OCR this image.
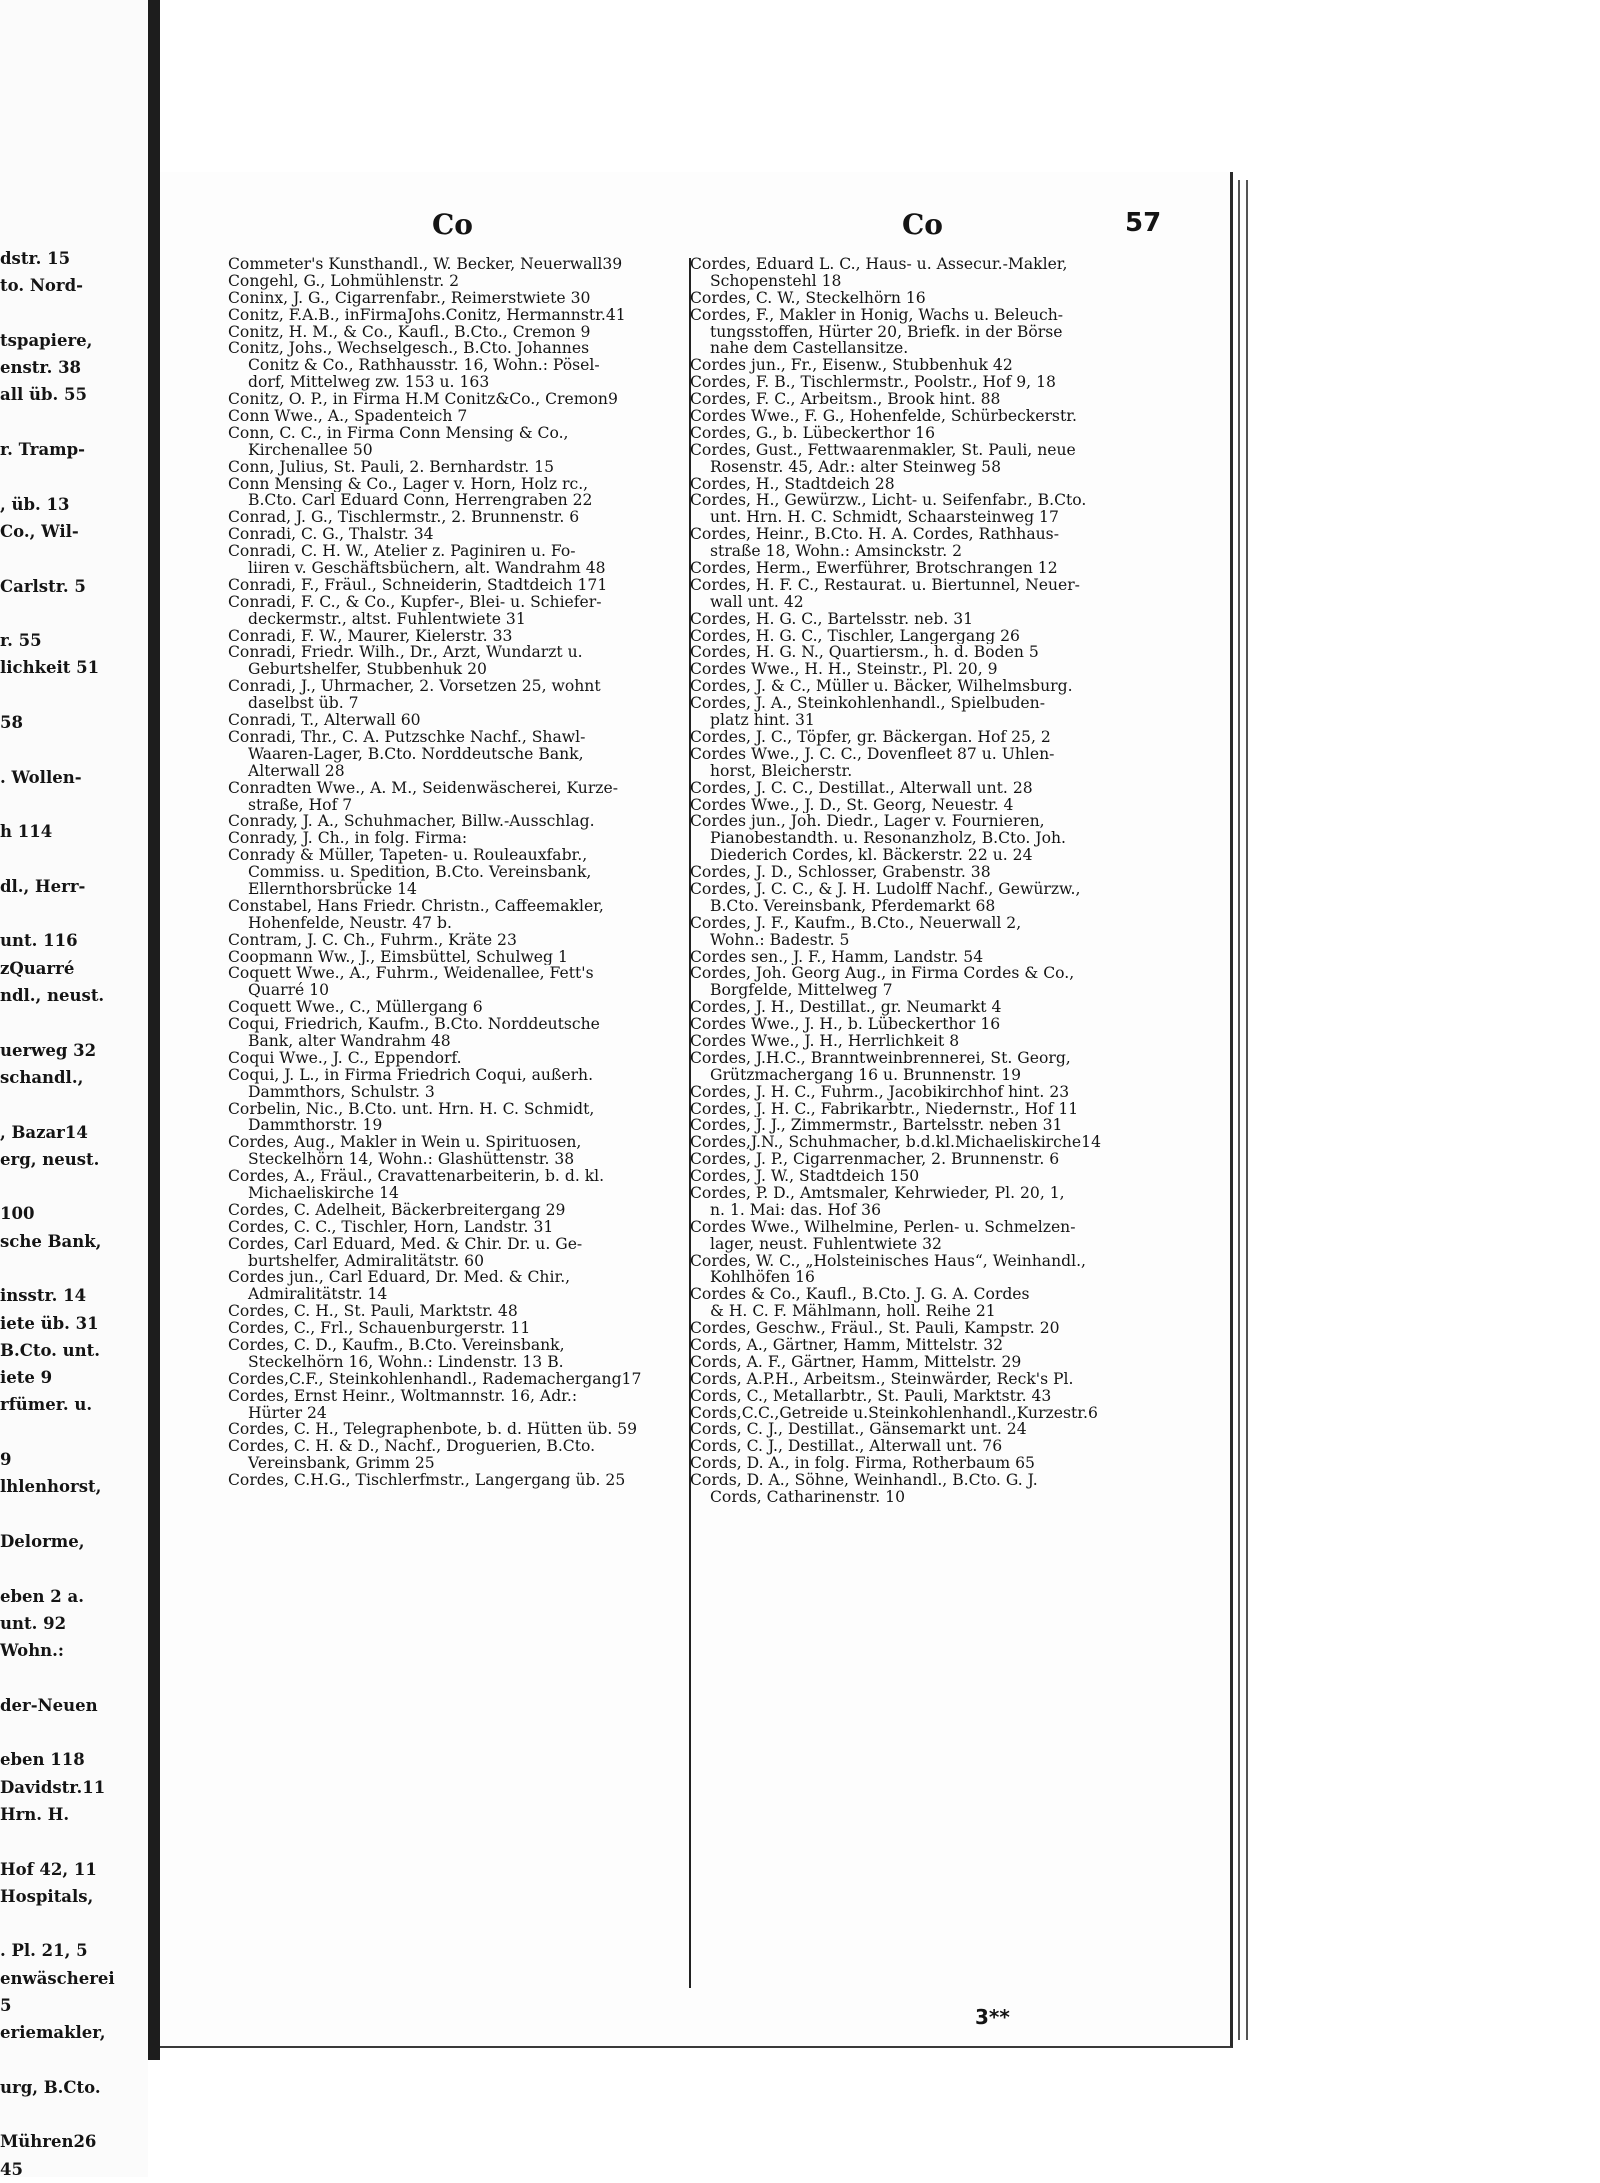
dstr. 15
to. Nord-
tspapiere,
enstr. 38
all üb. 55
r. Tramp-
, üb. 13
Co., Wil-
Carlstr. 5
r. 55
lichkeit 51
58
. Wollen-
h 114
dl., Herr-
unt. 116
zQuarré
ndl., neust.
uerweg 32
schandl.,
, Bazar14
erg, neust.
100
sche Bank,
insstr. 14
iete üb. 31
B.Cto. unt.
iete 9
rfümer. u.
9
lhlenhorst,
Delorme,
eben 2 a.
unt. 92
Wohn.:
der-Neuen
eben 118
Davidstr.11
Hrn. H.
Hof 42, 11
Hospitals,
. Pl. 21, 5
enwäscherei
5
eriemakler,
urg, B.Cto.
Mühren26
45
Co	Co	57
Commeter's Kunsthandl., W. Becker, Neuerwall39
Congehl, G., Lohmühlenstr. 2
Coninx, J. G., Cigarrenfabr., Reimerstwiete 30
Conitz, F.A.B., inFirmaJohs.Conitz, Hermannstr.41
Conitz, H. M., & Co., Kaufl., B.Cto., Cremon 9
Conitz, Johs., Wechselgesch., B.Cto. Johannes
Conitz & Co., Rathhausstr. 16, Wohn.: Pösel-
dorf, Mittelweg zw. 153 u. 163
Conitz, O. P., in Firma H.M Conitz&Co., Cremon9
Conn Wwe., A., Spadenteich 7
Conn, C. C., in Firma Conn Mensing & Co.,
Kirchenallee 50
Conn, Julius, St. Pauli, 2. Bernhardstr. 15
Conn Mensing & Co., Lager v. Horn, Holz rc.,
B.Cto. Carl Eduard Conn, Herrengraben 22
Conrad, J. G., Tischlermstr., 2. Brunnenstr. 6
Conradi, C. G., Thalstr. 34
Conradi, C. H. W., Atelier z. Paginiren u. Fo-
liiren v. Geschäftsbüchern, alt. Wandrahm 48
Conradi, F., Fräul., Schneiderin, Stadtdeich 171
Conradi, F. C., & Co., Kupfer-, Blei- u. Schiefer-
deckermstr., altst. Fuhlentwiete 31
Conradi, F. W., Maurer, Kielerstr. 33
Conradi, Friedr. Wilh., Dr., Arzt, Wundarzt u.
Geburtshelfer, Stubbenhuk 20
Conradi, J., Uhrmacher, 2. Vorsetzen 25, wohnt
daselbst üb. 7
Conradi, T., Alterwall 60
Conradi, Thr., C. A. Putzschke Nachf., Shawl-
Waaren-Lager, B.Cto. Norddeutsche Bank,
Alterwall 28
Conradten Wwe., A. M., Seidenwäscherei, Kurze-
straße, Hof 7
Conrady, J. A., Schuhmacher, Billw.-Ausschlag.
Conrady, J. Ch., in folg. Firma:
Conrady & Müller, Tapeten- u. Rouleauxfabr.,
Commiss. u. Spedition, B.Cto. Vereinsbank,
Ellernthorsbrücke 14
Constabel, Hans Friedr. Christn., Caffeemakler,
Hohenfelde, Neustr. 47 b.
Contram, J. C. Ch., Fuhrm., Kräte 23
Coopmann Ww., J., Eimsbüttel, Schulweg 1
Coquett Wwe., A., Fuhrm., Weidenallee, Fett's
Quarré 10
Coquett Wwe., C., Müllergang 6
Coqui, Friedrich, Kaufm., B.Cto. Norddeutsche
Bank, alter Wandrahm 48
Coqui Wwe., J. C., Eppendorf.
Coqui, J. L., in Firma Friedrich Coqui, außerh.
Dammthors, Schulstr. 3
Corbelin, Nic., B.Cto. unt. Hrn. H. C. Schmidt,
Dammthorstr. 19
Cordes, Aug., Makler in Wein u. Spirituosen,
Steckelhörn 14, Wohn.: Glashüttenstr. 38
Cordes, A., Fräul., Cravattenarbeiterin, b. d. kl.
Michaeliskirche 14
Cordes, C. Adelheit, Bäckerbreitergang 29
Cordes, C. C., Tischler, Horn, Landstr. 31
Cordes, Carl Eduard, Med. & Chir. Dr. u. Ge-
burtshelfer, Admiralitätstr. 60
Cordes jun., Carl Eduard, Dr. Med. & Chir.,
Admiralitätstr. 14
Cordes, C. H., St. Pauli, Marktstr. 48
Cordes, C., Frl., Schauenburgerstr. 11
Cordes, C. D., Kaufm., B.Cto. Vereinsbank,
Steckelhörn 16, Wohn.: Lindenstr. 13 B.
Cordes,C.F., Steinkohlenhandl., Rademachergang17
Cordes, Ernst Heinr., Woltmannstr. 16, Adr.:
Hürter 24
Cordes, C. H., Telegraphenbote, b. d. Hütten üb. 59
Cordes, C. H. & D., Nachf., Droguerien, B.Cto.
Vereinsbank, Grimm 25
Cordes, C.H.G., Tischlerfmstr., Langergang üb. 25
Cordes, Eduard L. C., Haus- u. Assecur.-Makler,
Schopenstehl 18
Cordes, C. W., Steckelhörn 16
Cordes, F., Makler in Honig, Wachs u. Beleuch-
tungsstoffen, Hürter 20, Briefk. in der Börse
nahe dem Castellansitze.
Cordes jun., Fr., Eisenw., Stubbenhuk 42
Cordes, F. B., Tischlermstr., Poolstr., Hof 9, 18
Cordes, F. C., Arbeitsm., Brook hint. 88
Cordes Wwe., F. G., Hohenfelde, Schürbeckerstr.
Cordes, G., b. Lübeckerthor 16
Cordes, Gust., Fettwaarenmakler, St. Pauli, neue
Rosenstr. 45, Adr.: alter Steinweg 58
Cordes, H., Stadtdeich 28
Cordes, H., Gewürzw., Licht- u. Seifenfabr., B.Cto.
unt. Hrn. H. C. Schmidt, Schaarsteinweg 17
Cordes, Heinr., B.Cto. H. A. Cordes, Rathhaus-
straße 18, Wohn.: Amsinckstr. 2
Cordes, Herm., Ewerführer, Brotschrangen 12
Cordes, H. F. C., Restaurat. u. Biertunnel, Neuer-
wall unt. 42
Cordes, H. G. C., Bartelsstr. neb. 31
Cordes, H. G. C., Tischler, Langergang 26
Cordes, H. G. N., Quartiersm., h. d. Boden 5
Cordes Wwe., H. H., Steinstr., Pl. 20, 9
Cordes, J. & C., Müller u. Bäcker, Wilhelmsburg.
Cordes, J. A., Steinkohlenhandl., Spielbuden-
platz hint. 31
Cordes, J. C., Töpfer, gr. Bäckergan. Hof 25, 2
Cordes Wwe., J. C. C., Dovenfleet 87 u. Uhlen-
horst, Bleicherstr.
Cordes, J. C. C., Destillat., Alterwall unt. 28
Cordes Wwe., J. D., St. Georg, Neuestr. 4
Cordes jun., Joh. Diedr., Lager v. Fournieren,
Pianobestandth. u. Resonanzholz, B.Cto. Joh.
Diederich Cordes, kl. Bäckerstr. 22 u. 24
Cordes, J. D., Schlosser, Grabenstr. 38
Cordes, J. C. C., & J. H. Ludolff Nachf., Gewürzw.,
B.Cto. Vereinsbank, Pferdemarkt 68
Cordes, J. F., Kaufm., B.Cto., Neuerwall 2,
Wohn.: Badestr. 5
Cordes sen., J. F., Hamm, Landstr. 54
Cordes, Joh. Georg Aug., in Firma Cordes & Co.,
Borgfelde, Mittelweg 7
Cordes, J. H., Destillat., gr. Neumarkt 4
Cordes Wwe., J. H., b. Lübeckerthor 16
Cordes Wwe., J. H., Herrlichkeit 8
Cordes, J.H.C., Branntweinbrennerei, St. Georg,
Grützmachergang 16 u. Brunnenstr. 19
Cordes, J. H. C., Fuhrm., Jacobikirchhof hint. 23
Cordes, J. H. C., Fabrikarbtr., Niedernstr., Hof 11
Cordes, J. J., Zimmermstr., Bartelsstr. neben 31
Cordes,J.N., Schuhmacher, b.d.kl.Michaeliskirche14
Cordes, J. P., Cigarrenmacher, 2. Brunnenstr. 6
Cordes, J. W., Stadtdeich 150
Cordes, P. D., Amtsmaler, Kehrwieder, Pl. 20, 1,
n. 1. Mai: das. Hof 36
Cordes Wwe., Wilhelmine, Perlen- u. Schmelzen-
lager, neust. Fuhlentwiete 32
Cordes, W. C., „Holsteinisches Haus“, Weinhandl.,
Kohlhöfen 16
Cordes & Co., Kaufl., B.Cto. J. G. A. Cordes
& H. C. F. Mählmann, holl. Reihe 21
Cordes, Geschw., Fräul., St. Pauli, Kampstr. 20
Cords, A., Gärtner, Hamm, Mittelstr. 32
Cords, A. F., Gärtner, Hamm, Mittelstr. 29
Cords, A.P.H., Arbeitsm., Steinwärder, Reck's Pl.
Cords, C., Metallarbtr., St. Pauli, Marktstr. 43
Cords,C.C.,Getreide u.Steinkohlenhandl.,Kurzestr.6
Cords, C. J., Destillat., Gänsemarkt unt. 24
Cords, C. J., Destillat., Alterwall unt. 76
Cords, D. A., in folg. Firma, Rotherbaum 65
Cords, D. A., Söhne, Weinhandl., B.Cto. G. J.
Cords, Catharinenstr. 10
3**
